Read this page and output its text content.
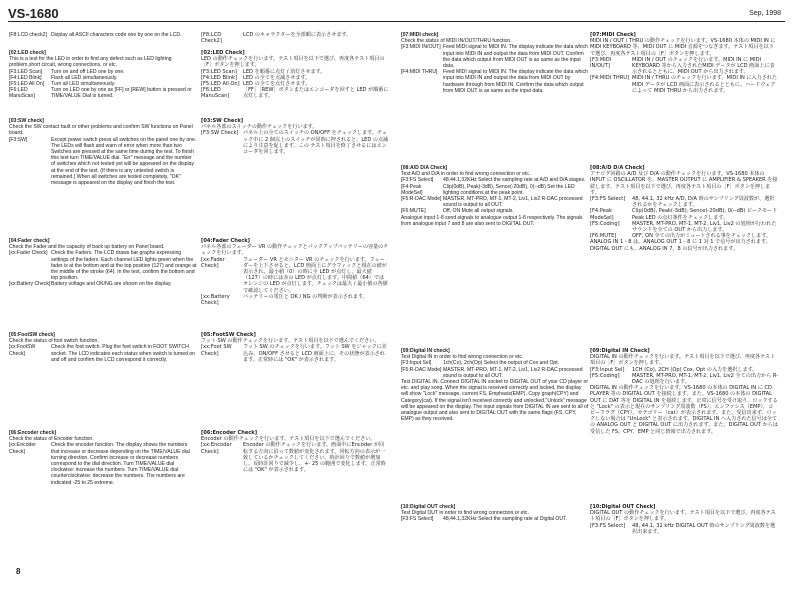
VS-1680	Sep, 1998
[F8:LCD check2] Display all ASCII characters code one by one on the LCD.
[02:LED check]
This is a test for the LED in order to find any defect such as LED lighting problem,short circuit, wrong connections, or etc.
[F3:LED Scan]	Turn on and off LED one by one.
[F4:LED Blink]	Flash all LED simultaneously.
[F5:LED All On]	Turn all LED simultaneously.
[F6:LED ManuScan]
Turn on LED one by one as [FF] or [REW] button is pressed or TIME/VALUE Dial is turned.
[03:SW check]
Check the SW contact fault or other problems and confirm SW functions on Panel board.
[F3:SW]	Except power switch press all switches on the panel one by one. The LEDs will flash and warn of error when more than two Switches are pressed at the same time during the test. To finish this test turn TIME/VALUE dial. "Err" message and the number of switches which not tested yet will be appeared on the display at the end of the test. (If there is any untested switch is remained.) When all switches are tested completely, "OK" message is appeared on the display and finish the test.
[04:Fader check]
Check the Fader and the capacity of back up battery on Panel board.
[xx:Fader Check] Check the Faders. The LCD draws bar graphs expressing settings of the faders. Each channel LED lights green when the fader is at the bottom and at the top position (127) and orange at the middle of the stroke (64). In the test, confirm the bottom and top position.
[xx:Battery Check] Battery voltage and OK/NG are shown on the display.
[05:FootSW check]
Check the status of foot switch function.
[xx:FootSW Check]
Check the foot switch. Plug the foot switch in FOOT SWITCH socket. The LCD indicates each status when switch is turned on and off and confirm the LCD correspond it correctly.
[06:Encoder check]
Check the status of Encoder function.
[xx:Encoder Check]
Check the encoder function. The display shows the numbers that increase or decrease depending on the TIME/VALUE dial turning direction. Confirm increase or decrease numbers correspond to the dial direction. Turn TIME/VALUE dial clockwise: increase the numbers. Turn TIME/VALUE dial counterclockwise: decrease the numbers. The numbers are indicated -25 to 25 extreme.
[F8:LCD Check2]
LCD のキャラクターを全部順に表示させます。
[02:LED Check]
LED の動作チェックを行います。テスト項目を以下で選び、再度各テスト項目の［F］ボタンを押します。
[F3:LED Scan]	LED を順番に点灯 / 消灯させます。
[F4:LED Blink]	LED の全てを点滅させます。
[F5:LED All On] LED の全てを点灯させます。
[F6:LED ManuScan]
［FF］［REW］ボタンまたはエンコーダを回すと LED が順番に点灯します。
[03:SW Check]
パネル各部のスイッチの動作チェックを行います。
[F3:SW Check] パネル上の全てのスイッチの ON/OFF をチェックします。チェック中に 2 個以上のスイッチが同時に押されると、LED の点滅により注意を促します。この テスト項目を終了させるにはエンコーダを回します。
[04:Fader Check]
パネル各部のフェーダー VR の動作チェックとバックアップバッテリーの容量のチェックを行います。
[xx:Fader Check]
フェーダー VR とモニター VR のチェックを行います。フェーダーを上下させると、LCD 画面上にグラフィックと現在の値が表示され、最小値（0）の時に全 LED が点灯し、最大値（127）の時には赤の LED が点灯します。中間値（64）ではオレンジの LED が点灯します。チェックは最大 / 最小値の各値で確認してください。
[xx:Battery Check]
バッテリーの電圧と OK / NG の判断が表示されます。
[05:FootSW Check]
フット SW の動作チェックを行います。テスト項目を以下で選んでください。
[xx:Foot SW Check]
フット SW のチェックを行います。フット SW をジャックに差込み、ON/OFF させると LCD 画面上に、その状態が表示されます。正常時には "OK" が表示されます。
[06:Encoder Check]
Encoder の動作チェックを行います。テスト項目を以下で選んでください。
[xx:Encoder Check]
Encoder の動作チェックを行います。画面中にEncoder が回転する方向に沿って数値が変化されます。回転方向の表示が一致しているかチェックしてください。時計回りで数値が増加し、反時計回りで減少し、+- 25 の範囲で変化します。正常時には "OK" が表示されます。
[07:MIDI check]
Check the status of MIDI IN/OUT/THRU function.
[F3:MIDI IN/OUT] Feed MIDI signal to MIDI IN. The display indicate the data which input into MIDI IN and output the data from MIDI OUT. Confirm the data which output from MIDI OUT is as same as the input data.
[F4:MIDI THRU]	Feed MIDI signal to MIDI IN. The display indicate the data which input into MIDI IN and output the data from MIDI OUT by hardware through from MIDI IN. Confirm the data which output from MIDI OUT is as same as the input data.
[08:A/D D/A Check]
Test A/D and D/A in order to find wrong connection or etc.
[F3:FS Select]	48,44.1,32KHz Select the sampling rate at A/D and D/A stages.
[F4:Peak ModeSel]
Clip(0dB), Peak(-3dB), Sence(-20dB), 0(--dB) Set the LED lighting conditions at the peak point.
[F5:R-DAC Mode] MASTER, MT-PRO, MT-1, MT-2, Liv1, Liv2 R-DAC processed sound is output to all OUT.
[F6:MUTE]	Off, ON Mute all output signals.
Analogue input 1-8 send signals to analogue output 1-8 respectively. The signals from analogue input 7 and 8 are also sent to DIGITAL OUT.
[09:Digital IN check]
Test Digital IN in order to find wrong connection or etc.
[F3:Input Sel]	1ch(Co), 2ch(Op) Select the output of Cox and Opt.
[F5:R-DAC Mode] MASTER, MT-PRO, MT-1, MT-2, Liv1, Liv2 R-DAC processed sound is output to all OUT.
Test DIGITAL IN. Connect DIGITAL IN socket to DIGITAL OUT of your CD player or etc. and play song. When the signal is received correctly and locked, the display will show "Lock" message, current FS, Emphasis(EMP), Copy graph(CPY) and Category(cat). If the signal isn't received correctly and unlocked,"Unlock" message will be appeared on the display. The input signals from DIGITAL IN are sent to all of analogue output and also sent to DIGITAL OUT with the same flags (FS, CPY, EMP) as they received.
[10:Digital OUT check]
Test Digital OUT in order to find wrong connection or etc.
[F3:FS Select]	48,44.1,32KHz Select the sampling rate at Digital OUT.
[07:MIDI Check]
MIDI IN / OUT / THRU の動作チェックを行います。VS-1680 本体の MIDI IN に MIDI KEYBOARD 等、MIDI OUT に MIDI 音源をつなぎます。テスト項目を以下で選び、再度各テスト項目の［F］ボタンを押します。
[F3:MIDI IN/OUT]
MIDI IN / OUT のチェックを行います。MIDI IN に MIDI KEYBOARD 等から入力されたMIDI データが LCD 画面上に表示されるとともに、MIDI OUT から出力されます。
[F4:MIDI THRU] MIDI IN / THRU のチェックを行います。MIDI IN に入力された MIDI データが LCD 画面に表示されるとともに、ハードウェアによって MIDI THRU から出力されます。
[08:A/D D/A Check]
アナログ回路の A/D 及び D/A の動作チェックを行います。VS-1680 本体の INPUT に OSCILLATOR を、MASTER OUTPUT に AMPLIFIER & SPEAKER を接続します。テスト項目を以下で選び、再度各テスト項目の［F］ボタンを押します。
[F3:FS Select]	48, 44.1, 32 kHz A/D, D/A 時のサンプリング周波数が、選択されるかをチェックします。
[F4:Peak ModeSel]
Clip(0dB), Peak(-3dB), Sence(-20dB), 0(--dB) ピークモード Peak LED の点灯条件をチェックします。
[F5:Coding]	MASTER, MT-PRO, MT-1, MT-2, Liv1, Liv2 の処理が行われたサウンドを全ての OUT から出力します。
[F6:MUTE]	OFF, ON 全ての出力がミュートされる事をチェックします。
ANALOG IN 1 - 8 は、ANALOG OUT 1 - 8 に 1 対 1 で信号が出力されます。DIGITAL OUT にも、ANALOG IN 7，8 の信号が出力されます。
[09:Digital IN Check]
DIGITAL IN の動作チェックを行います。テスト項目を以下で選び、再度各テスト項目の［F］ボタンを押します。
[F3:Input Sel]	1CH (Co), 2CH (Op) Cox, Opt の入力を選択します。
[F5:Coding]	MASTER, MT-PRO, MT-1, MT-2, Liv1, Liv2 全ての出力から R-DAC の処理を行います。
DIGITAL IN の動作チェックを行います。VS-1680 の本体の DIGITAL IN に CD PLAYER 等の DIGITAL OUT を接続します。また、VS-1680 の本体の DIGITAL OUT に DAT 等を DIGITAL IN を接続します。正常に信号を受け取り、ロックすると "Lock" の表示と現在のサンプリング周波数（FS），エンファシス（EMP），コピーフラグ（CPY），カテゴリー（cat）が表示されます。また、受信出来ず、ロックしない場合は "UnLock" と表示されます。DIGITAL IN へ入力された信号は全ての ANALOG OUT と DIGITAL OUT に出力されます。また、DIGITAL OUT からは受信した FS、CPY、EMP と同じ情報で出力されます。
[10:Digital OUT Check]
DIGITAL OUT の動作チェックを行います。テスト項目を以下で選び、再度各テスト項目の［F］ボタンを押します。
[F3:FS Select]	48, 44.1, 32 kHz DIGITAL OUT 時のサンプリング周波数を選択出来ます。
8
